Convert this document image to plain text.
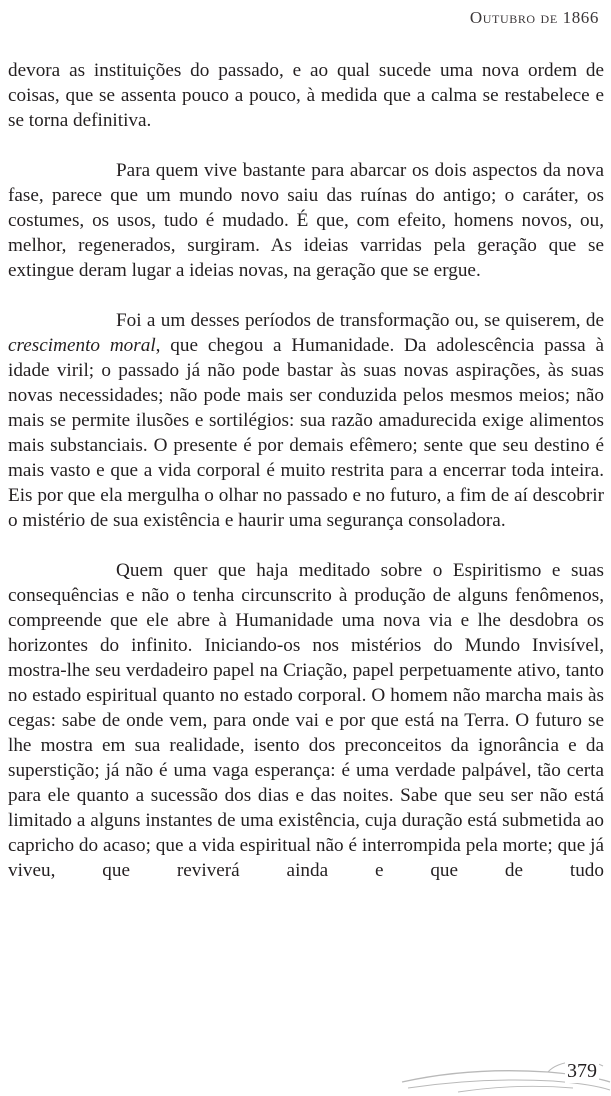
Outubro de 1866

devora as instituições do passado, e ao qual sucede uma nova ordem de coisas, que se assenta pouco a pouco, à medida que a calma se restabelece e se torna definitiva.

Para quem vive bastante para abarcar os dois aspectos da nova fase, parece que um mundo novo saiu das ruínas do antigo; o caráter, os costumes, os usos, tudo é mudado. É que, com efeito, homens novos, ou, melhor, regenerados, surgiram. As ideias varridas pela geração que se extingue deram lugar a ideias novas, na geração que se ergue.

Foi a um desses períodos de transformação ou, se quiserem, de crescimento moral, que chegou a Humanidade. Da adolescência passa à idade viril; o passado já não pode bastar às suas novas aspirações, às suas novas necessidades; não pode mais ser conduzida pelos mesmos meios; não mais se permite ilusões e sortilégios: sua razão amadurecida exige alimentos mais substanciais. O presente é por demais efêmero; sente que seu destino é mais vasto e que a vida corporal é muito restrita para a encerrar toda inteira. Eis por que ela mergulha o olhar no passado e no futuro, a fim de aí descobrir o mistério de sua existência e haurir uma segurança consoladora.

Quem quer que haja meditado sobre o Espiritismo e suas consequências e não o tenha circunscrito à produção de alguns fenômenos, compreende que ele abre à Humanidade uma nova via e lhe desdobra os horizontes do infinito. Iniciando-os nos mistérios do Mundo Invisível, mostra-lhe seu verdadeiro papel na Criação, papel perpetuamente ativo, tanto no estado espiritual quanto no estado corporal. O homem não marcha mais às cegas: sabe de onde vem, para onde vai e por que está na Terra. O futuro se lhe mostra em sua realidade, isento dos preconceitos da ignorância e da superstição; já não é uma vaga esperança: é uma verdade palpável, tão certa para ele quanto a sucessão dos dias e das noites. Sabe que seu ser não está limitado a alguns instantes de uma existência, cuja duração está submetida ao capricho do acaso; que a vida espiritual não é interrompida pela morte; que já viveu, que reviverá ainda e que de tudo

379
